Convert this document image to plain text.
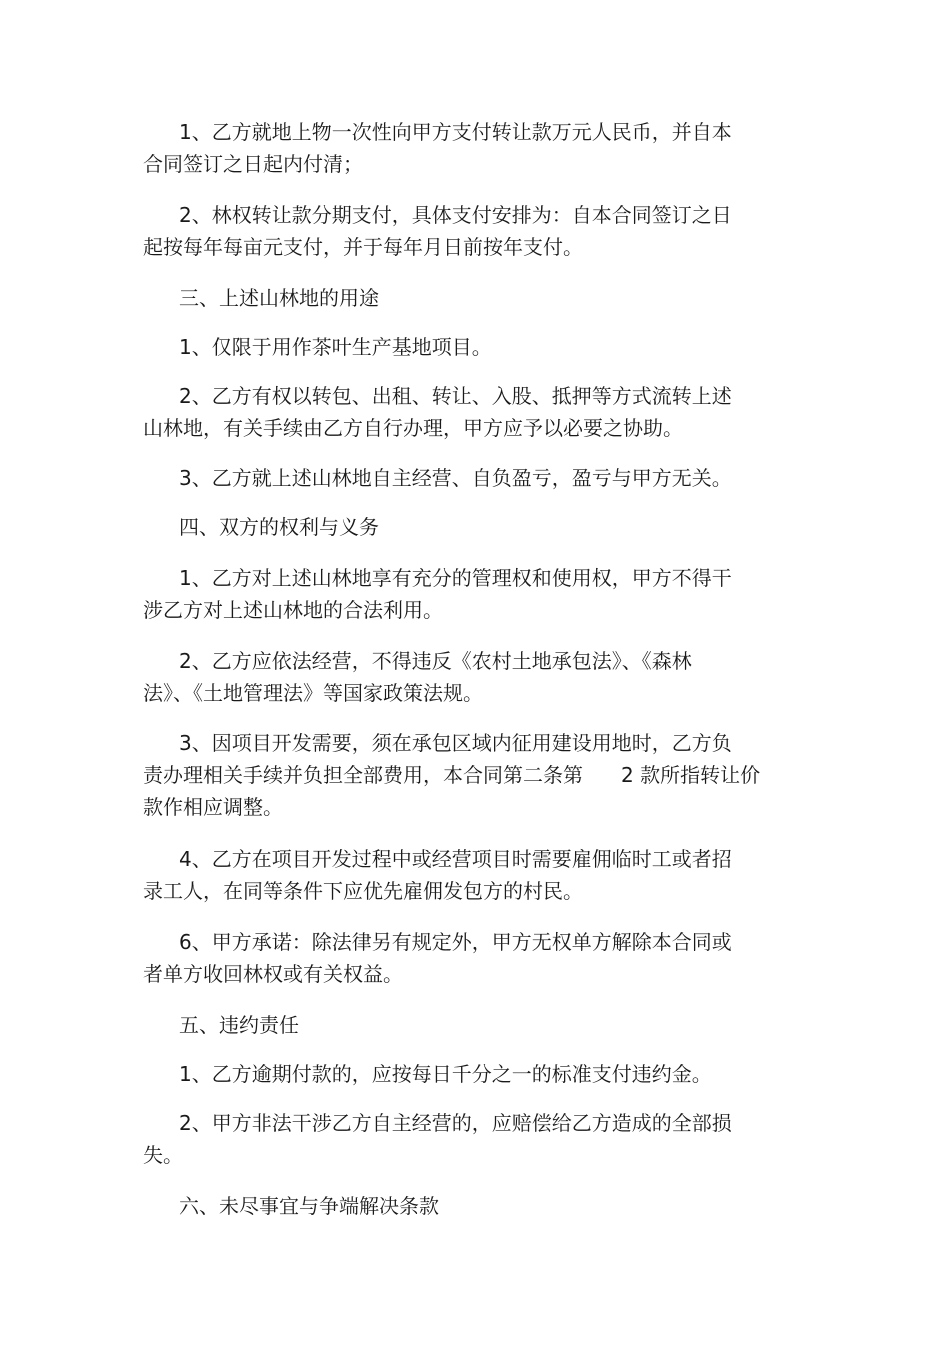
1、乙方就地上物一次性向甲方支付转让款万元人民币，并自本
合同签订之日起内付清；

2、林权转让款分期支付，具体支付安排为：自本合同签订之日
起按每年每亩元支付，并于每年月日前按年支付。

三、上述山林地的用途

1、仅限于用作茶叶生产基地项目。

2、乙方有权以转包、出租、转让、入股、抵押等方式流转上述
山林地，有关手续由乙方自行办理，甲方应予以必要之协助。

3、乙方就上述山林地自主经营、自负盈亏，盈亏与甲方无关。

四、双方的权利与义务

1、乙方对上述山林地享有充分的管理权和使用权，甲方不得干
涉乙方对上述山林地的合法利用。

2、乙方应依法经营，不得违反《农村土地承包法》、《森林
法》、《土地管理法》等国家政策法规。

3、因项目开发需要，须在承包区域内征用建设用地时，乙方负
责办理相关手续并负担全部费用，本合同第二条第 2 款所指转让价
款作相应调整。

4、乙方在项目开发过程中或经营项目时需要雇佣临时工或者招
录工人，在同等条件下应优先雇佣发包方的村民。

6、甲方承诺：除法律另有规定外，甲方无权单方解除本合同或
者单方收回林权或有关权益。

五、违约责任

1、乙方逾期付款的，应按每日千分之一的标准支付违约金。

2、甲方非法干涉乙方自主经营的，应赔偿给乙方造成的全部损
失。

六、未尽事宜与争端解决条款
